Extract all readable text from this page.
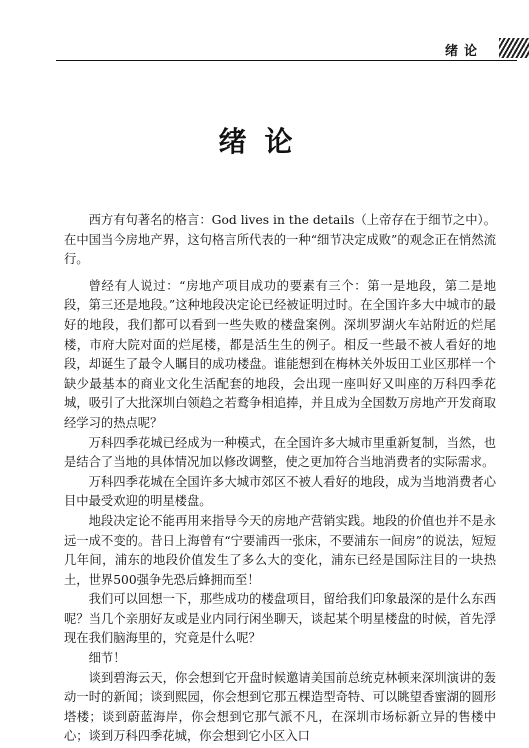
绪论
绪论

西方有句著名的格言：God lives in the details（上帝存在于细节之中）。在中国当今房地产界，这句格言所代表的一种“细节决定成败”的观念正在悄然流行。

曾经有人说过：“房地产项目成功的要素有三个：第一是地段，第二是地段，第三还是地段。”这种地段决定论已经被证明过时。在全国许多大中城市的最好的地段，我们都可以看到一些失败的楼盘案例。深圳罗湖火车站附近的烂尾楼，市府大院对面的烂尾楼，都是活生生的例子。相反一些最不被人看好的地段，却诞生了最令人瞩目的成功楼盘。谁能想到在梅林关外坂田工业区那样一个缺少最基本的商业文化生活配套的地段，会出现一座叫好又叫座的万科四季花城，吸引了大批深圳白领趋之若鹜争相追捧，并且成为全国数万房地产开发商取经学习的热点呢？

万科四季花城已经成为一种模式，在全国许多大城市里重新复制，当然，也是结合了当地的具体情况加以修改调整，使之更加符合当地消费者的实际需求。

万科四季花城在全国许多大城市郊区不被人看好的地段，成为当地消费者心目中最受欢迎的明星楼盘。

地段决定论不能再用来指导今天的房地产营销实践。地段的价值也并不是永远一成不变的。昔日上海曾有“宁要浦西一张床，不要浦东一间房”的说法，短短几年间，浦东的地段价值发生了多么大的变化，浦东已经是国际注目的一块热土，世界500强争先恐后蜂拥而至！

我们可以回想一下，那些成功的楼盘项目，留给我们印象最深的是什么东西呢？当几个亲朋好友或是业内同行闲坐聊天，谈起某个明星楼盘的时候，首先浮现在我们脑海里的，究竟是什么呢？

细节！

谈到碧海云天，你会想到它开盘时候邀请美国前总统克林顿来深圳演讲的轰动一时的新闻；谈到熙园，你会想到它那五棵造型奇特、可以眺望香蜜湖的圆形塔楼；谈到蔚蓝海岸，你会想到它那气派不凡，在深圳市场标新立异的售楼中心；谈到万科四季花城，你会想到它小区入口
